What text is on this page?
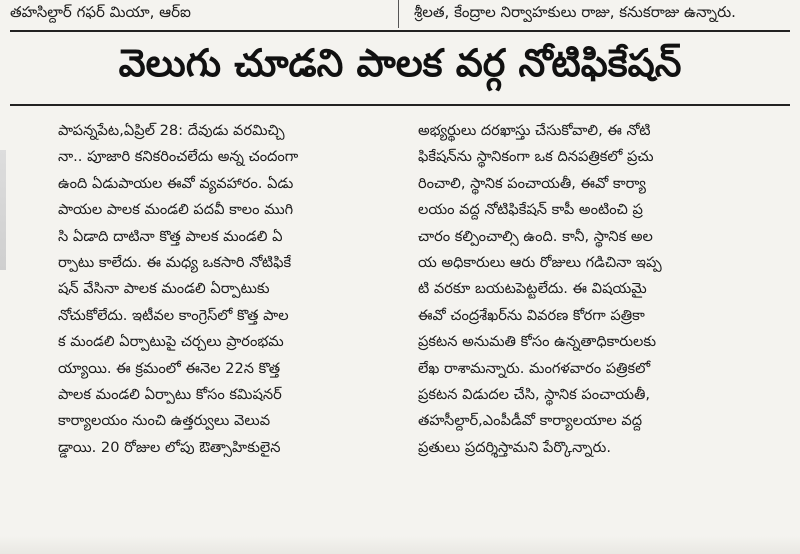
తహసిల్దార్ గఫర్ మియా, ఆర్ఐ	శ్రీలత, కేంద్రాల నిర్వాహకులు రాజు, కనుకరాజు ఉన్నారు.
వెలుగు చూడని పాలక వర్గ నోటిఫికేషన్
పాపన్నపేట,ఏప్రిల్ 28: దేవుడు వరమిచ్చి
నా.. పూజారి కనికరించలేదు అన్న చందంగా
ఉంది ఏడుపాయల ఈవో వ్యవహారం. ఏడు
పాయల పాలక మండలి పదవీ కాలం ముగి
సి ఏడాది దాటినా కొత్త పాలక మండలి ఏ
ర్పాటు కాలేదు. ఈ మధ్య ఒకసారి నోటిఫికే
షన్ వేసినా పాలక మండలి ఏర్పాటుకు
నోచుకోలేదు. ఇటీవల కాంగ్రెస్‌లో కొత్త పాల
క మండలి ఏర్పాటుపై చర్చలు ప్రారంభమ
య్యాయి. ఈ క్రమంలో ఈనెల 22న కొత్త
పాలక మండలి ఏర్పాటు కోసం కమిషనర్
కార్యాలయం నుంచి ఉత్తర్వులు వెలువ
డ్డాయి. 20 రోజుల లోపు ఔత్సాహికులైన
అభ్యర్థులు దరఖాస్తు చేసుకోవాలి, ఈ నోటి
ఫికేషన్‌ను స్థానికంగా ఒక దినపత్రికలో ప్రచు
రించాలి, స్థానిక పంచాయతీ, ఈవో కార్యా
లయం వద్ద నోటిఫికేషన్ కాపీ అంటించి ప్ర
చారం కల్పించాల్సి ఉంది. కానీ, స్థానిక అల
య అధికారులు ఆరు రోజులు గడిచినా ఇప్ప
టి వరకూ బయటపెట్టలేదు. ఈ విషయమై
ఈవో చంద్రశేఖర్‌ను వివరణ కోరగా పత్రికా
ప్రకటన అనుమతి కోసం ఉన్నతాధికారులకు
లేఖ రాశామన్నారు. మంగళవారం పత్రికలో
ప్రకటన విడుదల చేసి, స్థానిక పంచాయతీ,
తహసీల్దార్,ఎంపీడీవో కార్యాలయాల వద్ద
ప్రతులు ప్రదర్శిస్తామని పేర్కొన్నారు.
